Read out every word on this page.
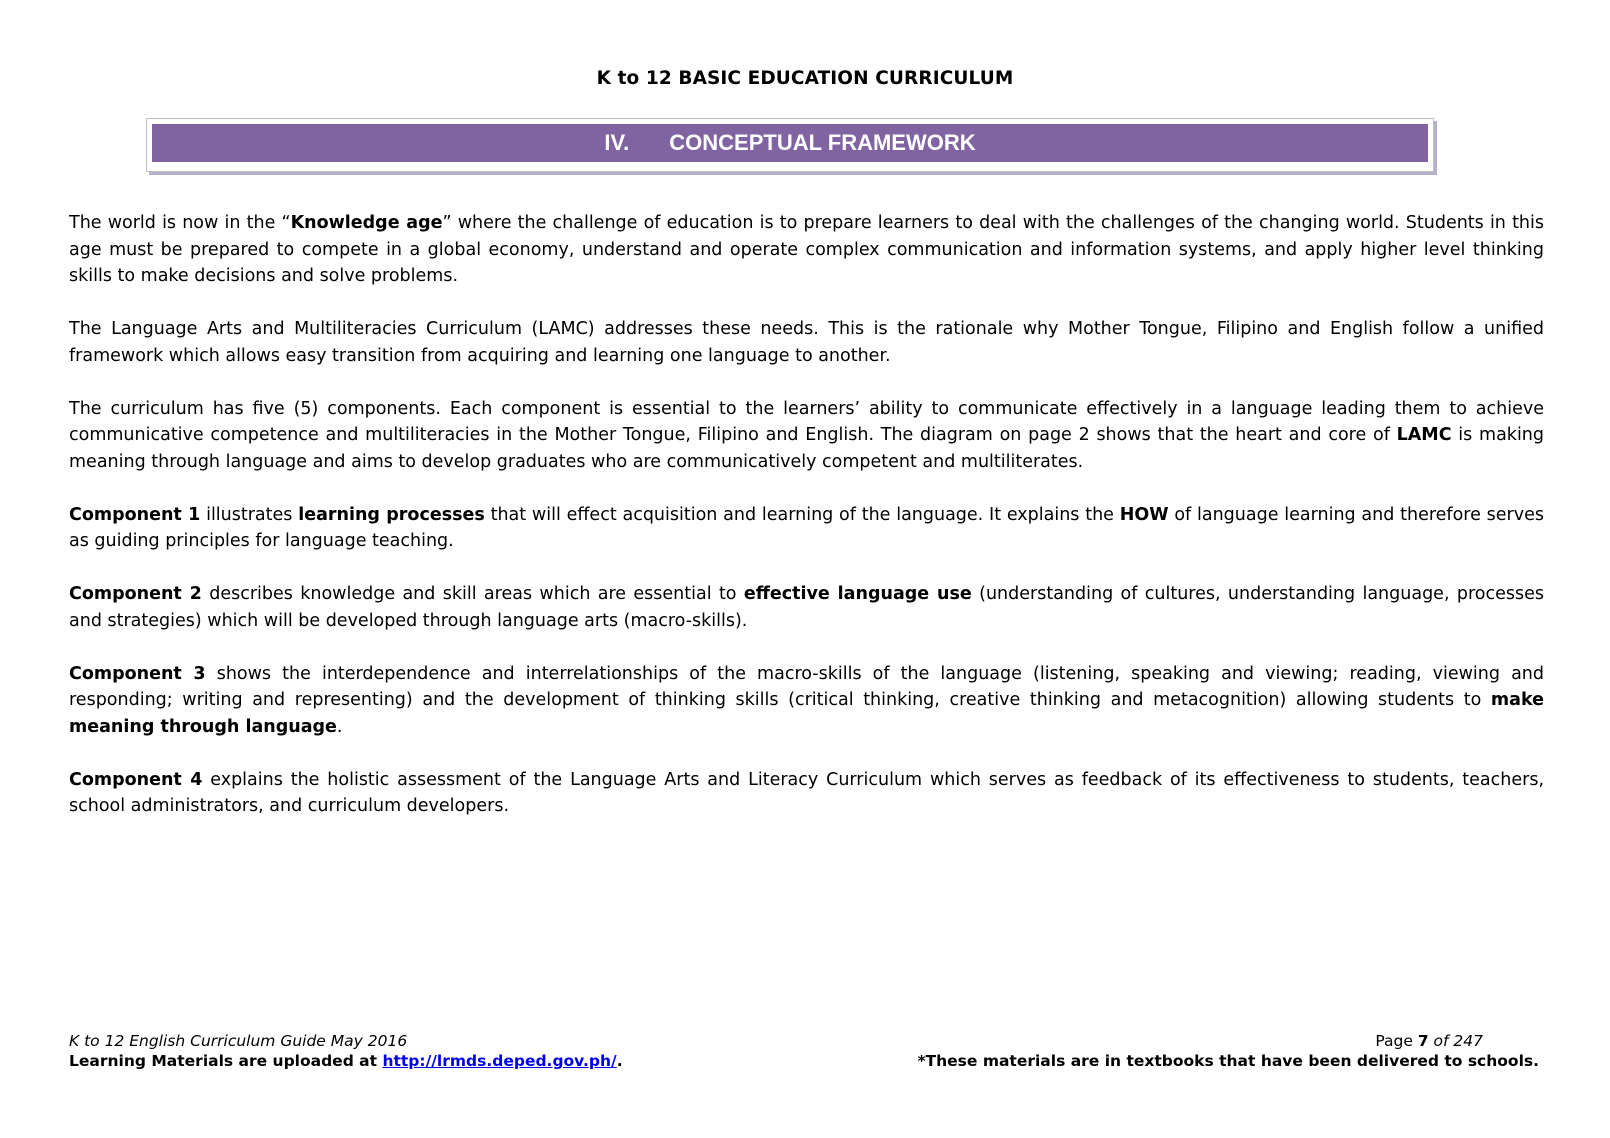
K to 12 BASIC EDUCATION CURRICULUM
IV. CONCEPTUAL FRAMEWORK

The world is now in the “Knowledge age” where the challenge of education is to prepare learners to deal with the challenges of the changing world. Students in this age must be prepared to compete in a global economy, understand and operate complex communication and information systems, and apply higher level thinking skills to make decisions and solve problems.

The Language Arts and Multiliteracies Curriculum (LAMC) addresses these needs. This is the rationale why Mother Tongue, Filipino and English follow a unified framework which allows easy transition from acquiring and learning one language to another.

The curriculum has five (5) components. Each component is essential to the learners’ ability to communicate effectively in a language leading them to achieve communicative competence and multiliteracies in the Mother Tongue, Filipino and English. The diagram on page 2 shows that the heart and core of LAMC is making meaning through language and aims to develop graduates who are communicatively competent and multiliterates.

Component 1 illustrates learning processes that will effect acquisition and learning of the language. It explains the HOW of language learning and therefore serves as guiding principles for language teaching.

Component 2 describes knowledge and skill areas which are essential to effective language use (understanding of cultures, understanding language, processes and strategies) which will be developed through language arts (macro-skills).

Component 3 shows the interdependence and interrelationships of the macro-skills of the language (listening, speaking and viewing; reading, viewing and responding; writing and representing) and the development of thinking skills (critical thinking, creative thinking and metacognition) allowing students to make meaning through language.

Component 4 explains the holistic assessment of the Language Arts and Literacy Curriculum which serves as feedback of its effectiveness to students, teachers, school administrators, and curriculum developers.

K to 12 English Curriculum Guide May 2016	Page 7 of 247
Learning Materials are uploaded at http://lrmds.deped.gov.ph/.	*These materials are in textbooks that have been delivered to schools.
